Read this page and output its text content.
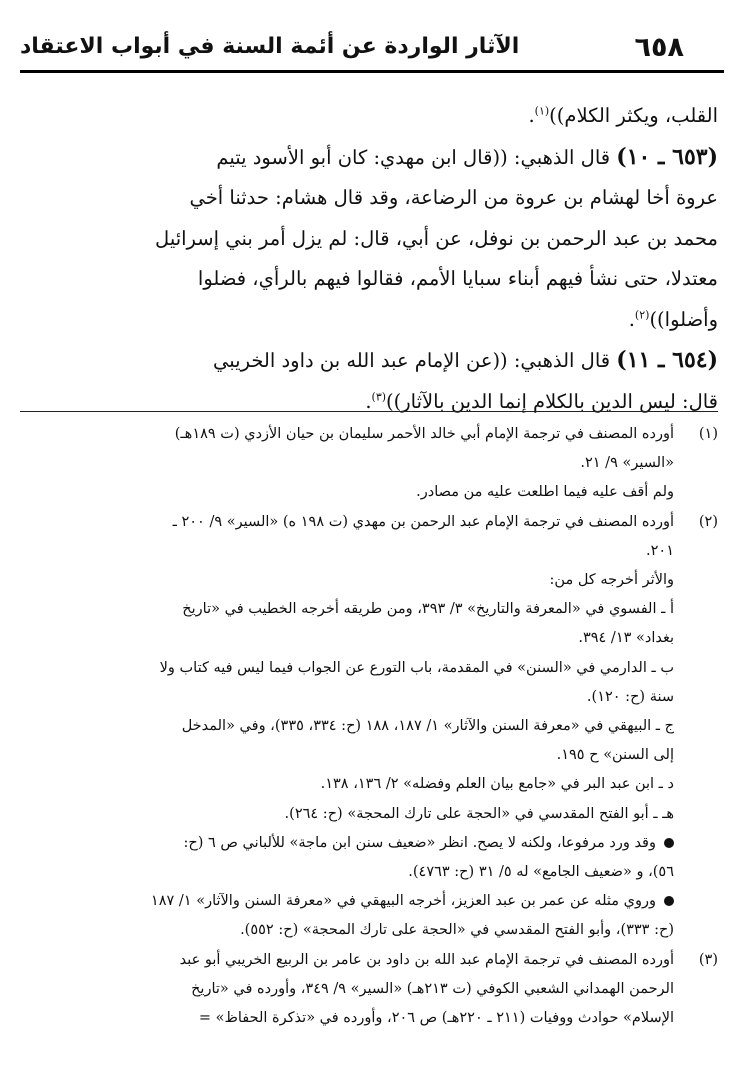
٦٥٨
الآثار الواردة عن أئمة السنة في أبواب الاعتقاد

القلب، ويكثر الكلام))$^{(١)}$.

(٦٥٣ ـ ١٠) قال الذهبي: ((قال ابن مهدي: كان أبو الأسود يتيم

عروة أخا لهشام بن عروة من الرضاعة، وقد قال هشام: حدثنا أخي

محمد بن عبد الرحمن بن نوفل، عن أبي، قال: لم يزل أمر بني إسرائيل

معتدلا، حتى نشأ فيهم أبناء سبايا الأمم، فقالوا فيهم بالرأي، فضلوا

وأضلوا))$^{(٢)}$.

(٦٥٤ ـ ١١) قال الذهبي: ((عن الإمام عبد الله بن داود الخريبي

قال: ليس الدين بالكلام إنما الدين بالآثار))$^{(٣)}$.

(١)
أورده المصنف في ترجمة الإمام أبي خالد الأحمر سليمان بن حيان الأزدي (ت ١٨٩هـ)
«السير» ٩/ ٢١.
ولم أقف عليه فيما اطلعت عليه من مصادر.
(٢)
أورده المصنف في ترجمة الإمام عبد الرحمن بن مهدي (ت ١٩٨ ه) «السير» ٩/ ٢٠٠ ـ
٢٠١.
والأثر أخرجه كل من:
أ ـ الفسوي في «المعرفة والتاريخ» ٣/ ٣٩٣، ومن طريقه أخرجه الخطيب في «تاريخ
بغداد» ١٣/ ٣٩٤.
ب ـ الدارمي في «السنن» في المقدمة، باب التورع عن الجواب فيما ليس فيه كتاب ولا
سنة (ح: ١٢٠).
ج ـ البيهقي في «معرفة السنن والآثار» ١/ ١٨٧، ١٨٨ (ح: ٣٣٤، ٣٣٥)، وفي «المدخل
إلى السنن» ح ١٩٥.
د ـ ابن عبد البر في «جامع بيان العلم وفضله» ٢/ ١٣٦، ١٣٨.
هـ ـ أبو الفتح المقدسي في «الحجة على تارك المحجة» (ح: ٢٦٤).
وقد ورد مرفوعا، ولكنه لا يصح. انظر «ضعيف سنن ابن ماجة» للألباني ص ٦ (ح:
٥٦)، و «ضعيف الجامع» له ٥/ ٣١ (ح: ٤٧٦٣).
وروي مثله عن عمر بن عبد العزيز، أخرجه البيهقي في «معرفة السنن والآثار» ١/ ١٨٧
(ح: ٣٣٣)، وأبو الفتح المقدسي في «الحجة على تارك المحجة» (ح: ٥٥٢).
(٣)
أورده المصنف في ترجمة الإمام عبد الله بن داود بن عامر بن الربيع الخريبي أبو عبد
الرحمن الهمداني الشعبي الكوفي (ت ٢١٣هـ) «السير» ٩/ ٣٤٩، وأورده في «تاريخ
الإسلام» حوادث ووفيات (٢١١ ـ ٢٢٠هـ) ص ٢٠٦، وأورده في «تذكرة الحفاظ» =
